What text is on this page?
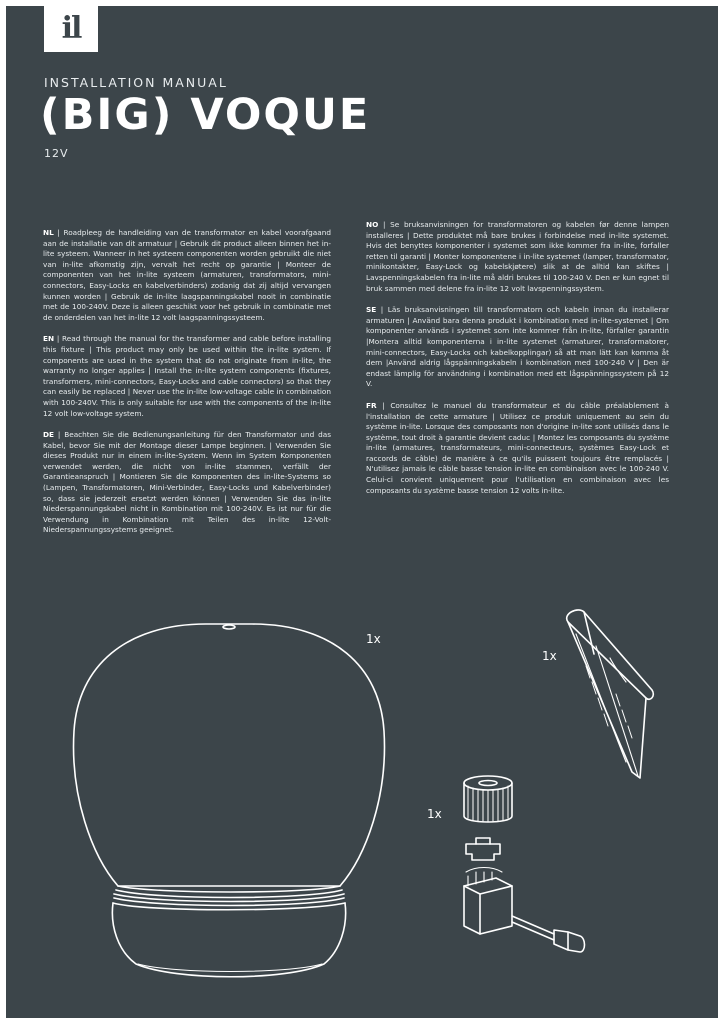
il
INSTALLATION MANUAL
(BIG) VOQUE
12V

NL | Roadpleeg de handleiding van de transformator en kabel voorafgaand aan de installatie van dit armatuur | Gebruik dit product alleen binnen het in-lite systeem. Wanneer in het systeem componenten worden gebruikt die niet van in-lite afkomstig zijn, vervalt het recht op garantie | Monteer de componenten van het in-lite systeem (armaturen, transformators, mini-connectors, Easy-Locks en kabelverbinders) zodanig dat zij altijd vervangen kunnen worden | Gebruik de in-lite laagspanningskabel nooit in combinatie met de 100-240V. Deze is alleen geschikt voor het gebruik in combinatie met de onderdelen van het in-lite 12 volt laagspanningssysteem.

EN | Read through the manual for the transformer and cable before installing this fixture | This product may only be used within the in-lite system. If components are used in the system that do not originate from in-lite, the warranty no longer applies | Install the in-lite system components (fixtures, transformers, mini-connectors, Easy-Locks and cable connectors) so that they can easily be replaced | Never use the in-lite low-voltage cable in combination with 100-240V. This is only suitable for use with the components of the in-lite 12 volt low-voltage system.

DE | Beachten Sie die Bedienungsanleitung für den Transformator und das Kabel, bevor Sie mit der Montage dieser Lampe beginnen. | Verwenden Sie dieses Produkt nur in einem in-lite-System. Wenn im System Komponenten verwendet werden, die nicht von in-lite stammen, verfällt der Garantieanspruch | Montieren Sie die Komponenten des in-lite-Systems so (Lampen, Transformatoren, Mini-Verbinder, Easy-Locks und Kabelverbinder) so, dass sie jederzeit ersetzt werden können | Verwenden Sie das in-lite Niederspannungskabel nicht in Kombination mit 100-240V. Es ist nur für die Verwendung in Kombination mit Teilen des in-lite 12-Volt-Niederspannungssystems geeignet.

NO | Se bruksanvisningen for transformatoren og kabelen før denne lampen installeres | Dette produktet må bare brukes i forbindelse med in-lite systemet. Hvis det benyttes komponenter i systemet som ikke kommer fra in-lite, forfaller retten til garanti | Monter komponentene i in-lite systemet (lamper, transformator, minikontakter, Easy-Lock og kabelskjøtere) slik at de alltid kan skiftes | Lavspenningskabelen fra in-lite må aldri brukes til 100-240 V. Den er kun egnet til bruk sammen med delene fra in-lite 12 volt lavspenningssystem.

SE | Läs bruksanvisningen till transformatorn och kabeln innan du installerar armaturen | Använd bara denna produkt i kombination med in-lite-systemet | Om komponenter används i systemet som inte kommer från in-lite, förfaller garantin |Montera alltid komponenterna i in-lite systemet (armaturer, transformatorer, mini-connectors, Easy-Locks och kabelkopplingar) så att man lätt kan komma åt dem |Använd aldrig lågspänningskabeln i kombination med 100-240 V | Den är endast lämplig för användning i kombination med ett lågspänningssystem på 12 V.

FR | Consultez le manuel du transformateur et du câble préalablement à l'installation de cette armature | Utilisez ce produit uniquement au sein du système in-lite. Lorsque des composants non d'origine in-lite sont utilisés dans le système, tout droit à garantie devient caduc | Montez les composants du système in-lite (armatures, transformateurs, mini-connecteurs, systèmes Easy-Lock et raccords de câble) de manière à ce qu'ils puissent toujours être remplacés | N'utilisez jamais le câble basse tension in-lite en combinaison avec le 100-240 V. Celui-ci convient uniquement pour l'utilisation en combinaison avec les composants du système basse tension 12 volts in-lite.

1x
1x
1x
